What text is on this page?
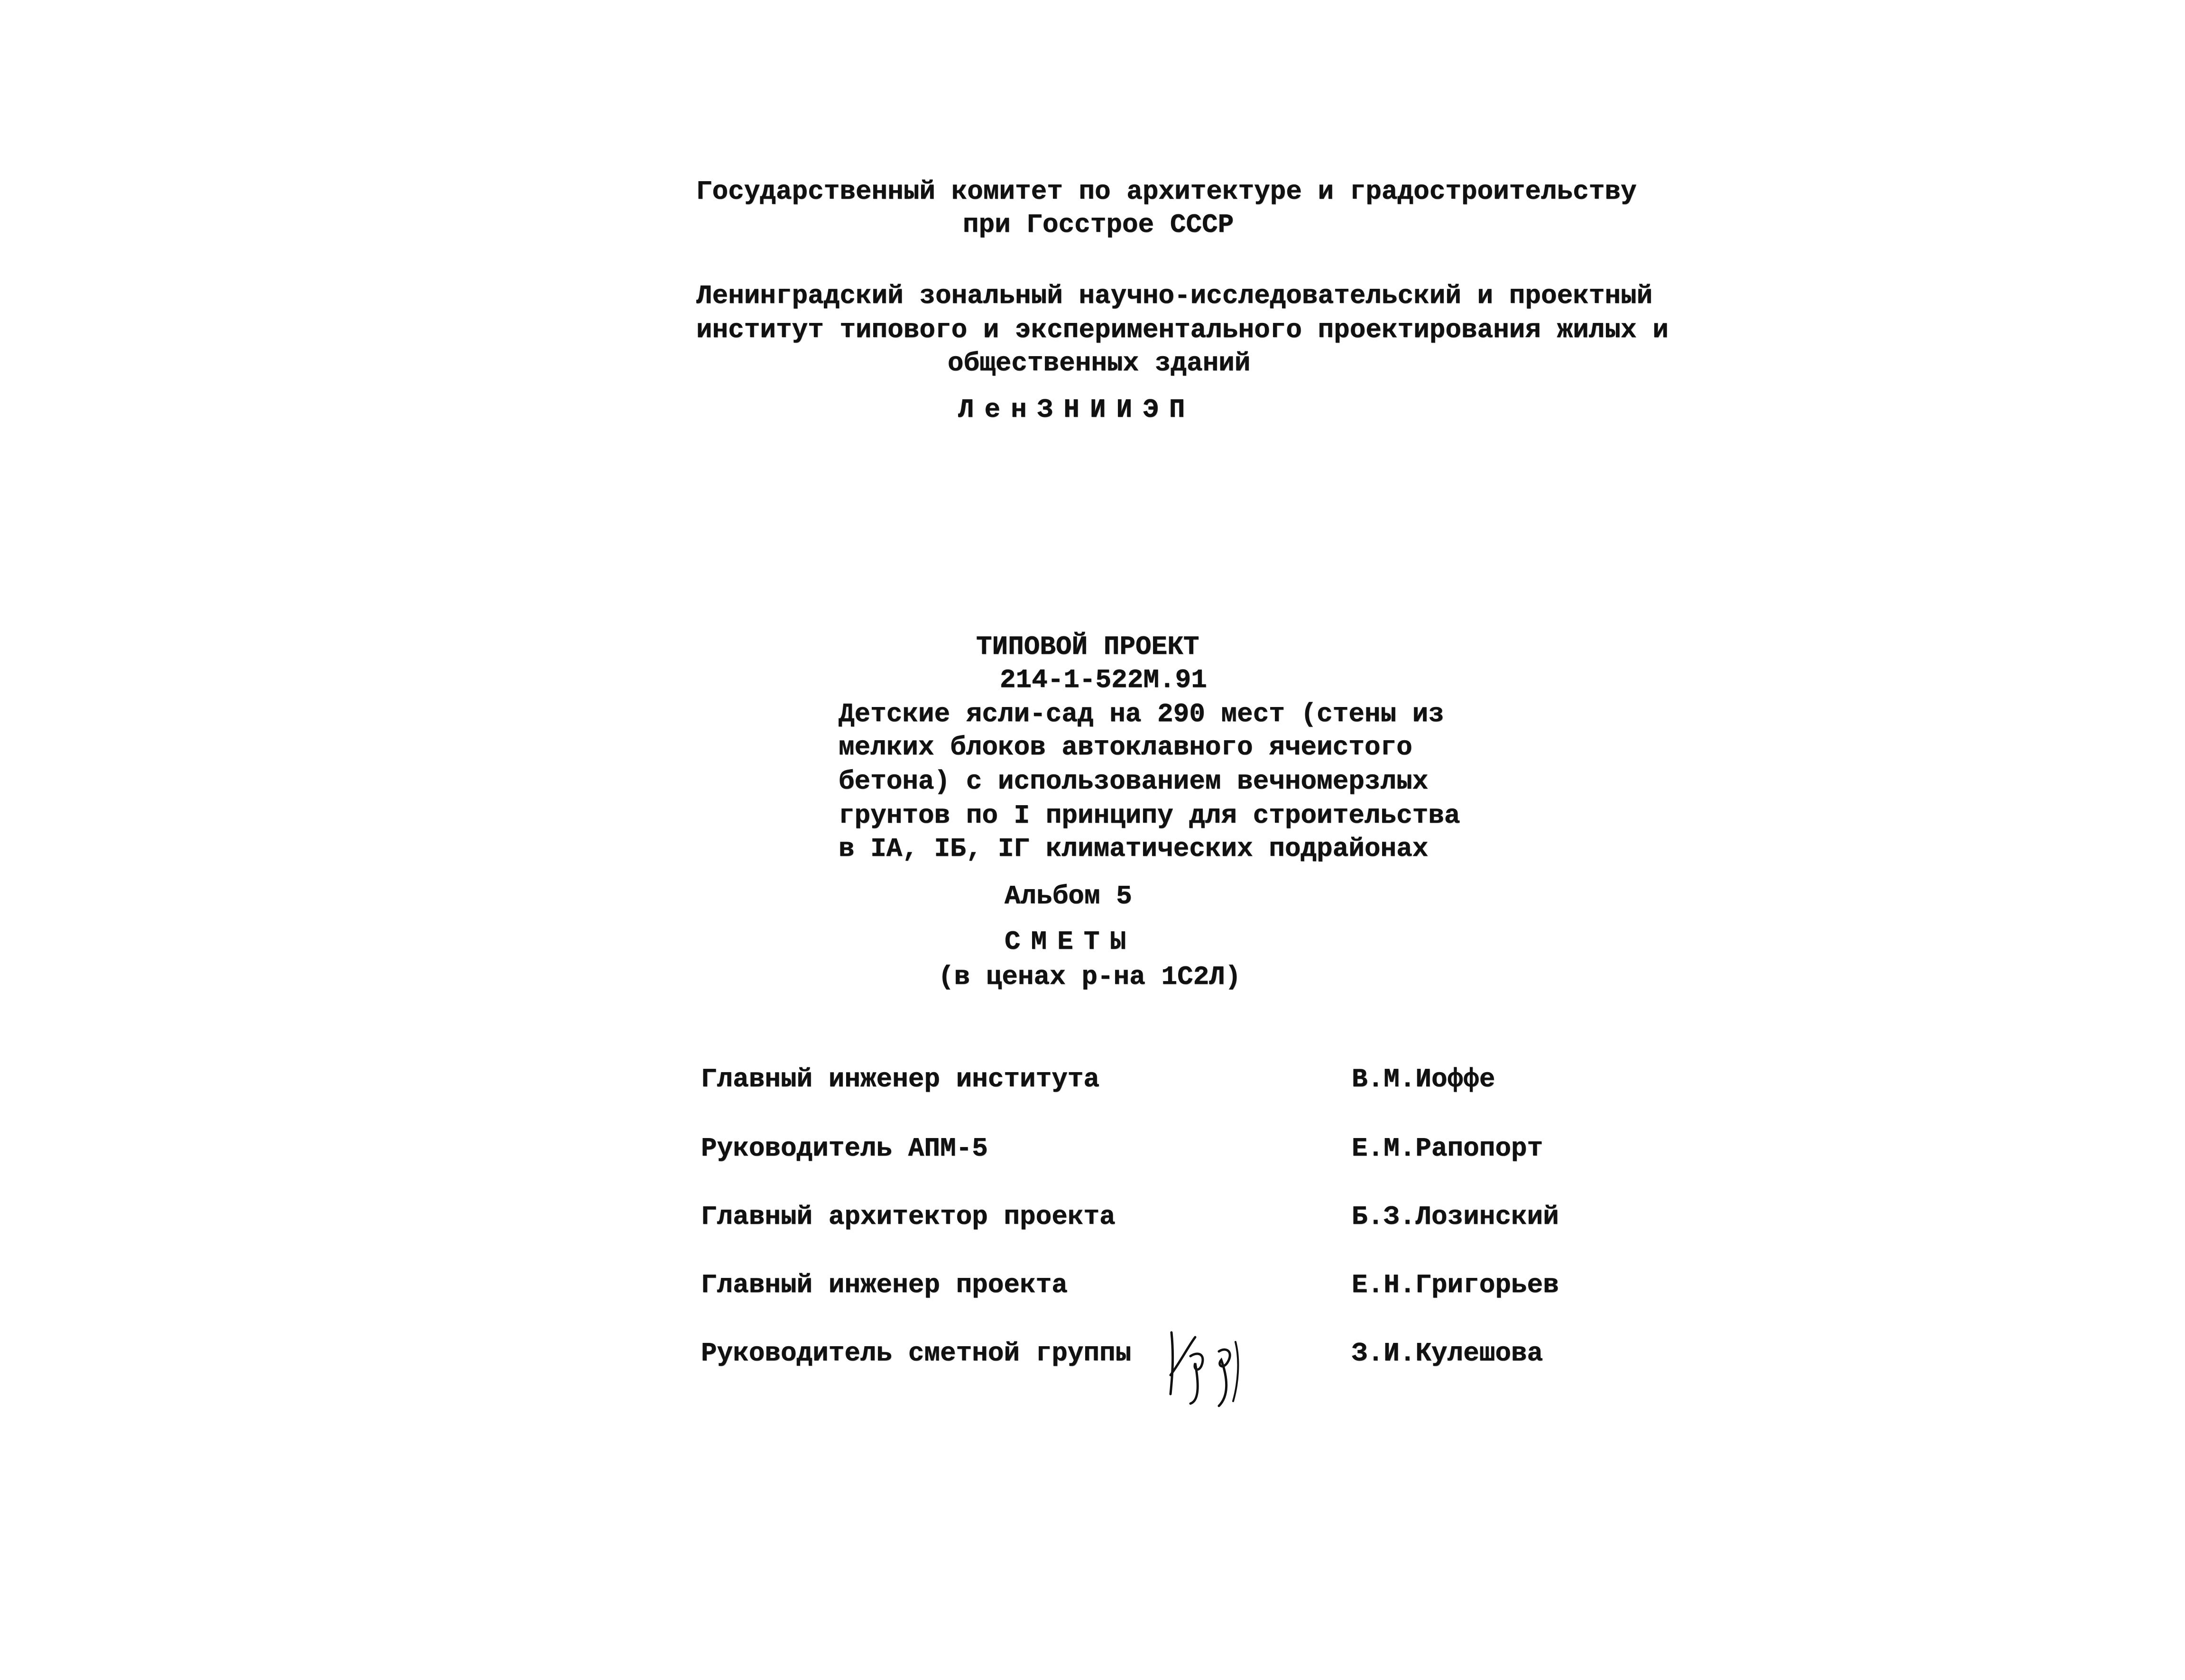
Государственный комитет по архитектуре и градостроительству
при Госстрое СССР
Ленинградский зональный научно-исследовательский и проектный
институт типового и экспериментального проектирования жилых и
общественных зданий
ЛенЗНИИЭП
ТИПОВОЙ ПРОЕКТ
214-1-522М.91
Детские ясли-сад на 290 мест (стены из
мелких блоков автоклавного ячеистого
бетона) с использованием вечномерзлых
грунтов по I принципу для строительства
в IА, IБ, IГ климатических подрайонах
Альбом 5
СМЕТЫ
(в ценах р-на 1С2Л)
Главный инженер института	В.М.Иоффе
Руководитель АПМ-5	Е.М.Рапопорт
Главный архитектор проекта	Б.З.Лозинский
Главный инженер проекта	Е.Н.Григорьев
Руководитель сметной группы	З.И.Кулешова
